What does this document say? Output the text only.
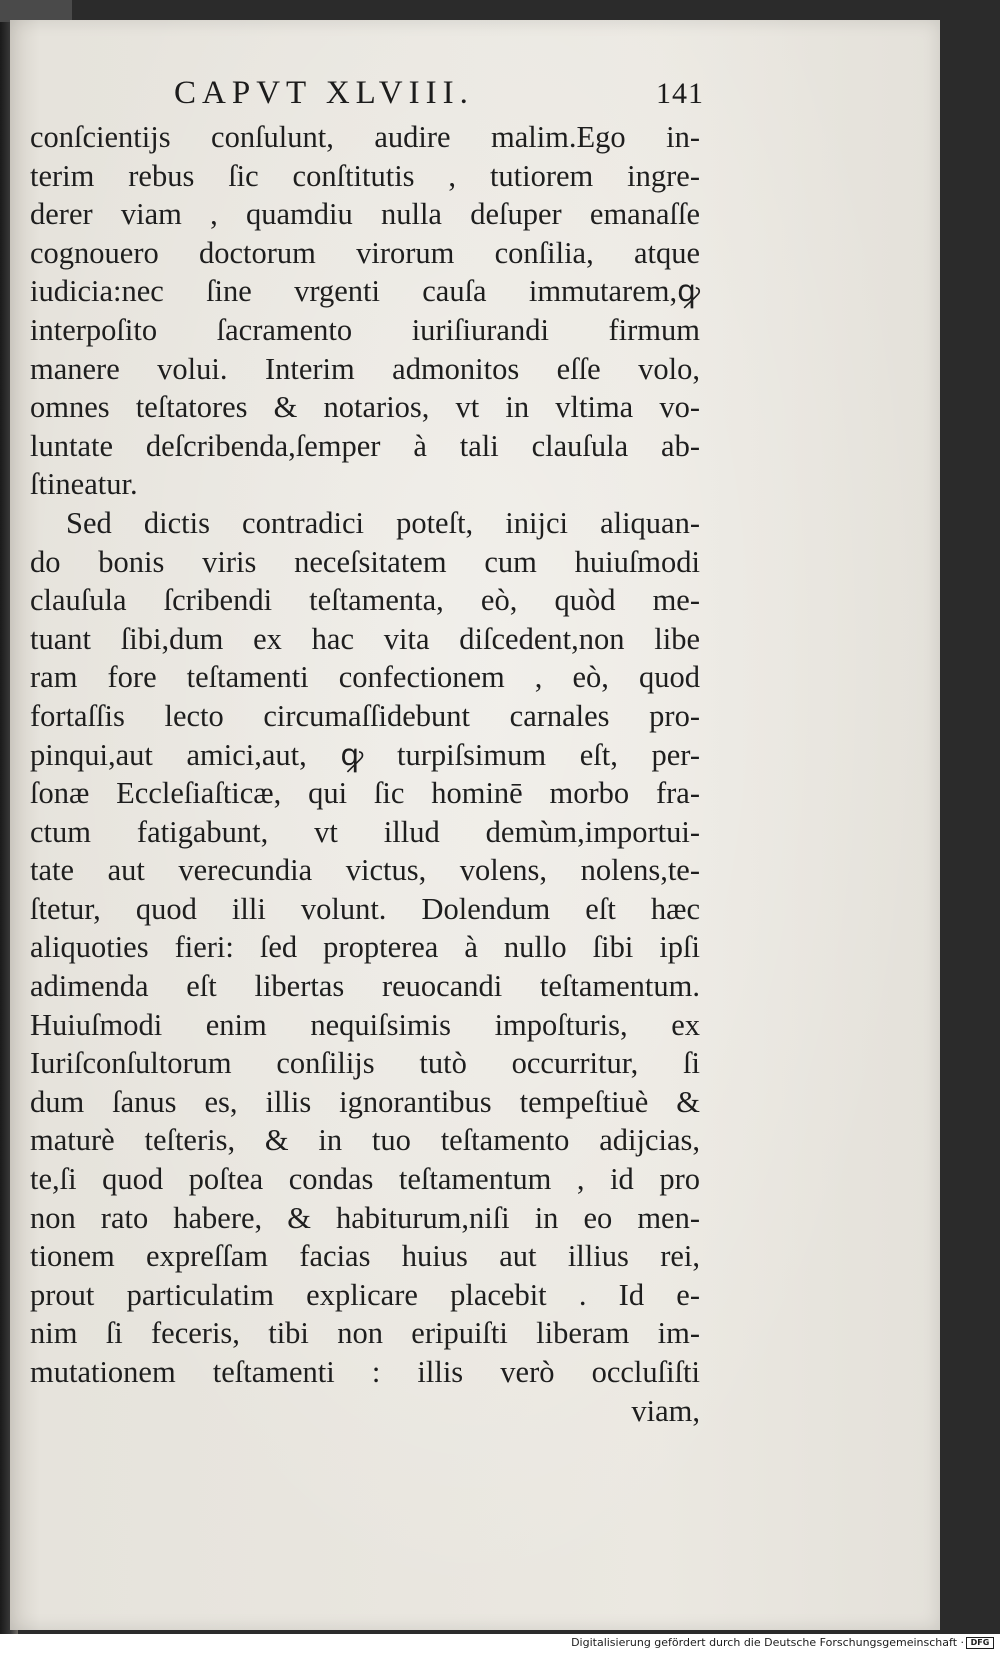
CAPVT XLVIII.	141
conſcientijs conſulunt, audire malim.Ego in-
terim rebus ſic conſtitutis , tutiorem ingre-
derer viam , quamdiu nulla deſuper emanaſſe
cognouero doctorum virorum conſilia, atque
iudicia:nec ſine vrgenti cauſa immutarem,ꝙ
interpoſito ſacramento iuriſiurandi firmum
manere volui. Interim admonitos eſſe volo,
omnes teſtatores & notarios, vt in vltima vo-
luntate deſcribenda,ſemper à tali clauſula ab-
ſtineatur.
Sed dictis contradici poteſt, inijci aliquan-
do bonis viris neceſsitatem cum huiuſmodi
clauſula ſcribendi teſtamenta, eò, quòd me-
tuant ſibi,dum ex hac vita diſcedent,non libe
ram fore teſtamenti confectionem , eò, quod
fortaſſis lecto circumaſſidebunt carnales pro-
pinqui,aut amici,aut, ꝙ turpiſsimum eſt, per-
ſonæ Eccleſiaſticæ, qui ſic hominē morbo fra-
ctum fatigabunt, vt illud demùm,importui-
tate aut verecundia victus, volens, nolens,te-
ſtetur, quod illi volunt. Dolendum eſt hæc
aliquoties fieri: ſed propterea à nullo ſibi ipſi
adimenda eſt libertas reuocandi teſtamentum.
Huiuſmodi enim nequiſsimis impoſturis, ex
Iuriſconſultorum conſilijs tutò occurritur, ſi
dum ſanus es, illis ignorantibus tempeſtiuè &
maturè teſteris, & in tuo teſtamento adijcias,
te,ſi quod poſtea condas teſtamentum , id pro
non rato habere, & habiturum,niſi in eo men-
tionem expreſſam facias huius aut illius rei,
prout particulatim explicare placebit . Id e-
nim ſi feceris, tibi non eripuiſti liberam im-
mutationem teſtamenti : illis verò occluſiſti
viam,
Digitalisierung gefördert durch die Deutsche Forschungsgemeinschaft · DFG
